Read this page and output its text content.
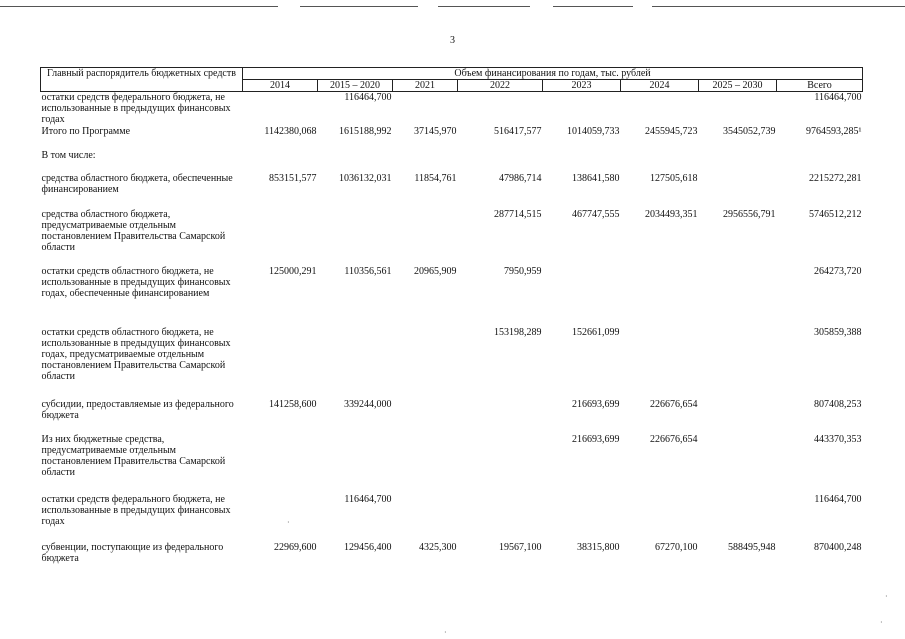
3
Главный распорядитель бюджетных средств	Объем финансирования по годам, тыс. рублей							
	2014	2015 – 2020	2021	2022	2023	2024	2025 – 2030	Всего
остатки средств федерального бюджета, не использованные в предыдущих финансовых годах		116464,700						116464,700
Итого по Программе	1142380,068	1615188,992	37145,970	516417,577	1014059,733	2455945,723	3545052,739	9764593,285¹
В том числе:								
средства областного бюджета, обеспеченные финансированием	853151,577	1036132,031	11854,761	47986,714	138641,580	127505,618		2215272,281
средства областного бюджета, предусматриваемые отдельным постановлением Правительства Самарской области				287714,515	467747,555	2034493,351	2956556,791	5746512,212
остатки средств областного бюджета, не использованные в предыдущих финансовых годах, обеспеченные финансированием	125000,291	110356,561	20965,909	7950,959				264273,720
остатки средств областного бюджета, не использованные в предыдущих финансовых годах, предусматриваемые отдельным постановлением Правительства Самарской области				153198,289	152661,099			305859,388
субсидии, предоставляемые из федерального бюджета	141258,600	339244,000			216693,699	226676,654		807408,253
Из них бюджетные средства, предусматриваемые отдельным постановлением Правительства Самарской области					216693,699	226676,654		443370,353
остатки средств федерального бюджета, не использованные в предыдущих финансовых годах		116464,700						116464,700
субвенции, поступающие из федерального бюджета	22969,600	129456,400	4325,300	19567,100	38315,800	67270,100	588495,948	870400,248
·
·
·
·
